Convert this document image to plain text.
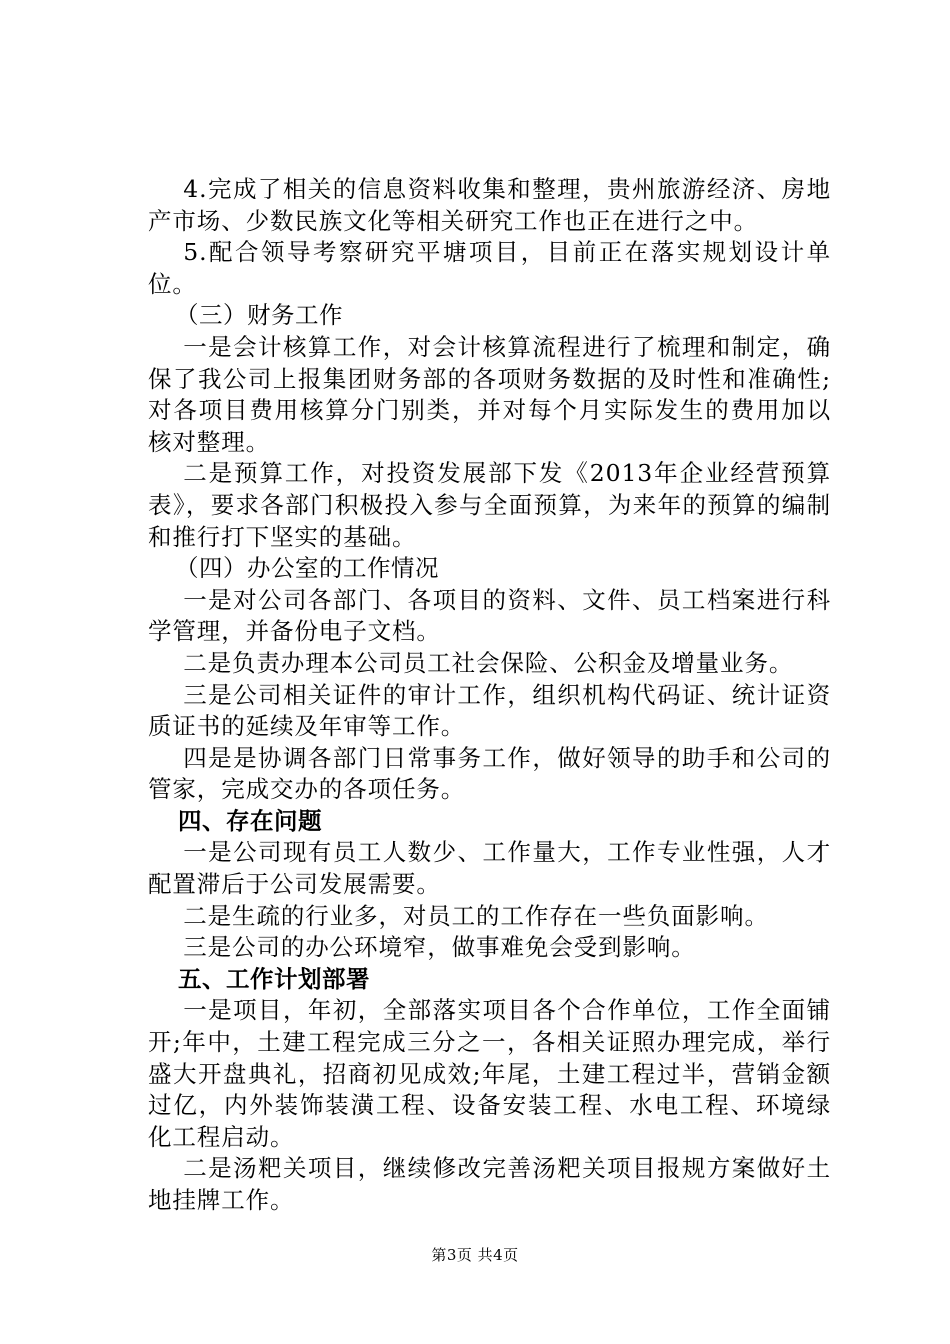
4.完成了相关的信息资料收集和整理，贵州旅游经济、房地产市场、少数民族文化等相关研究工作也正在进行之中。

5.配合领导考察研究平塘项目，目前正在落实规划设计单位。

（三）财务工作

一是会计核算工作，对会计核算流程进行了梳理和制定，确保了我公司上报集团财务部的各项财务数据的及时性和准确性;对各项目费用核算分门别类，并对每个月实际发生的费用加以核对整理。

二是预算工作，对投资发展部下发《2013年企业经营预算表》，要求各部门积极投入参与全面预算，为来年的预算的编制和推行打下坚实的基础。

（四）办公室的工作情况

一是对公司各部门、各项目的资料、文件、员工档案进行科学管理，并备份电子文档。

二是负责办理本公司员工社会保险、公积金及增量业务。

三是公司相关证件的审计工作，组织机构代码证、统计证资质证书的延续及年审等工作。

四是是协调各部门日常事务工作，做好领导的助手和公司的管家，完成交办的各项任务。

四、存在问题

一是公司现有员工人数少、工作量大，工作专业性强，人才配置滞后于公司发展需要。

二是生疏的行业多，对员工的工作存在一些负面影响。

三是公司的办公环境窄，做事难免会受到影响。

五、工作计划部署

一是项目，年初，全部落实项目各个合作单位，工作全面铺开;年中，土建工程完成三分之一，各相关证照办理完成，举行盛大开盘典礼，招商初见成效;年尾，土建工程过半，营销金额过亿，内外装饰装潢工程、设备安装工程、水电工程、环境绿化工程启动。

二是汤粑关项目，继续修改完善汤粑关项目报规方案做好土地挂牌工作。

第3页 共4页
